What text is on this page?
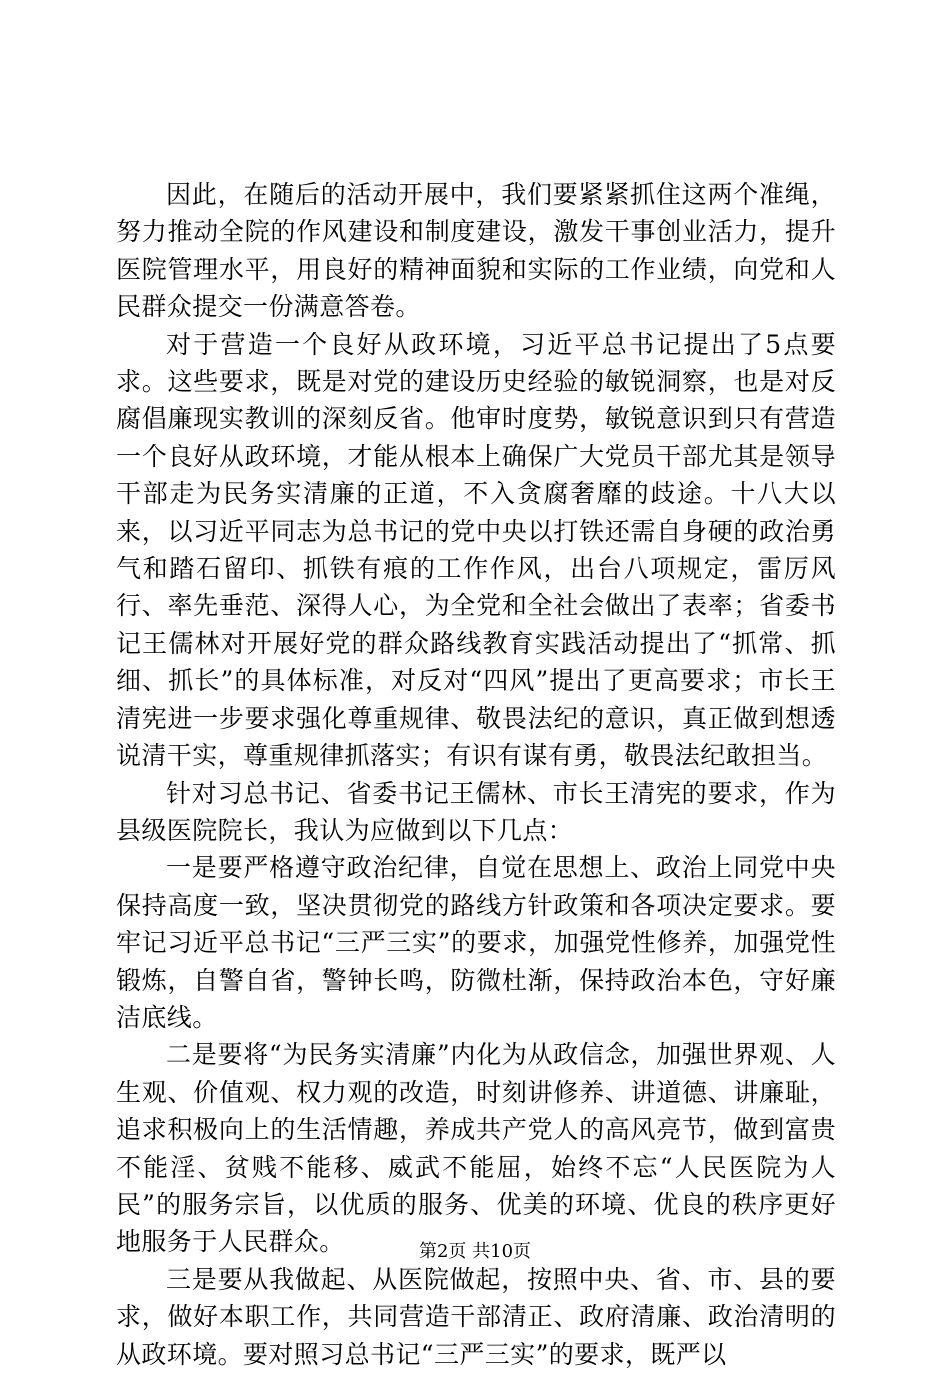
因此，在随后的活动开展中，我们要紧紧抓住这两个准绳，努力推动全院的作风建设和制度建设，激发干事创业活力，提升医院管理水平，用良好的精神面貌和实际的工作业绩，向党和人民群众提交一份满意答卷。

对于营造一个良好从政环境，习近平总书记提出了5点要求。这些要求，既是对党的建设历史经验的敏锐洞察，也是对反腐倡廉现实教训的深刻反省。他审时度势，敏锐意识到只有营造一个良好从政环境，才能从根本上确保广大党员干部尤其是领导干部走为民务实清廉的正道，不入贪腐奢靡的歧途。十八大以来，以习近平同志为总书记的党中央以打铁还需自身硬的政治勇气和踏石留印、抓铁有痕的工作作风，出台八项规定，雷厉风行、率先垂范、深得人心，为全党和全社会做出了表率；省委书记王儒林对开展好党的群众路线教育实践活动提出了“抓常、抓细、抓长”的具体标准，对反对“四风”提出了更高要求；市长王清宪进一步要求强化尊重规律、敬畏法纪的意识，真正做到想透说清干实，尊重规律抓落实；有识有谋有勇，敬畏法纪敢担当。

针对习总书记、省委书记王儒林、市长王清宪的要求，作为县级医院院长，我认为应做到以下几点：

一是要严格遵守政治纪律，自觉在思想上、政治上同党中央保持高度一致，坚决贯彻党的路线方针政策和各项决定要求。要牢记习近平总书记“三严三实”的要求，加强党性修养，加强党性锻炼，自警自省，警钟长鸣，防微杜渐，保持政治本色，守好廉洁底线。

二是要将“为民务实清廉”内化为从政信念，加强世界观、人生观、价值观、权力观的改造，时刻讲修养、讲道德、讲廉耻，追求积极向上的生活情趣，养成共产党人的高风亮节，做到富贵不能淫、贫贱不能移、威武不能屈，始终不忘“人民医院为人民”的服务宗旨，以优质的服务、优美的环境、优良的秩序更好地服务于人民群众。

三是要从我做起、从医院做起，按照中央、省、市、县的要求，做好本职工作，共同营造干部清正、政府清廉、政治清明的从政环境。要对照习总书记“三严三实”的要求，既严以

第2页 共10页
